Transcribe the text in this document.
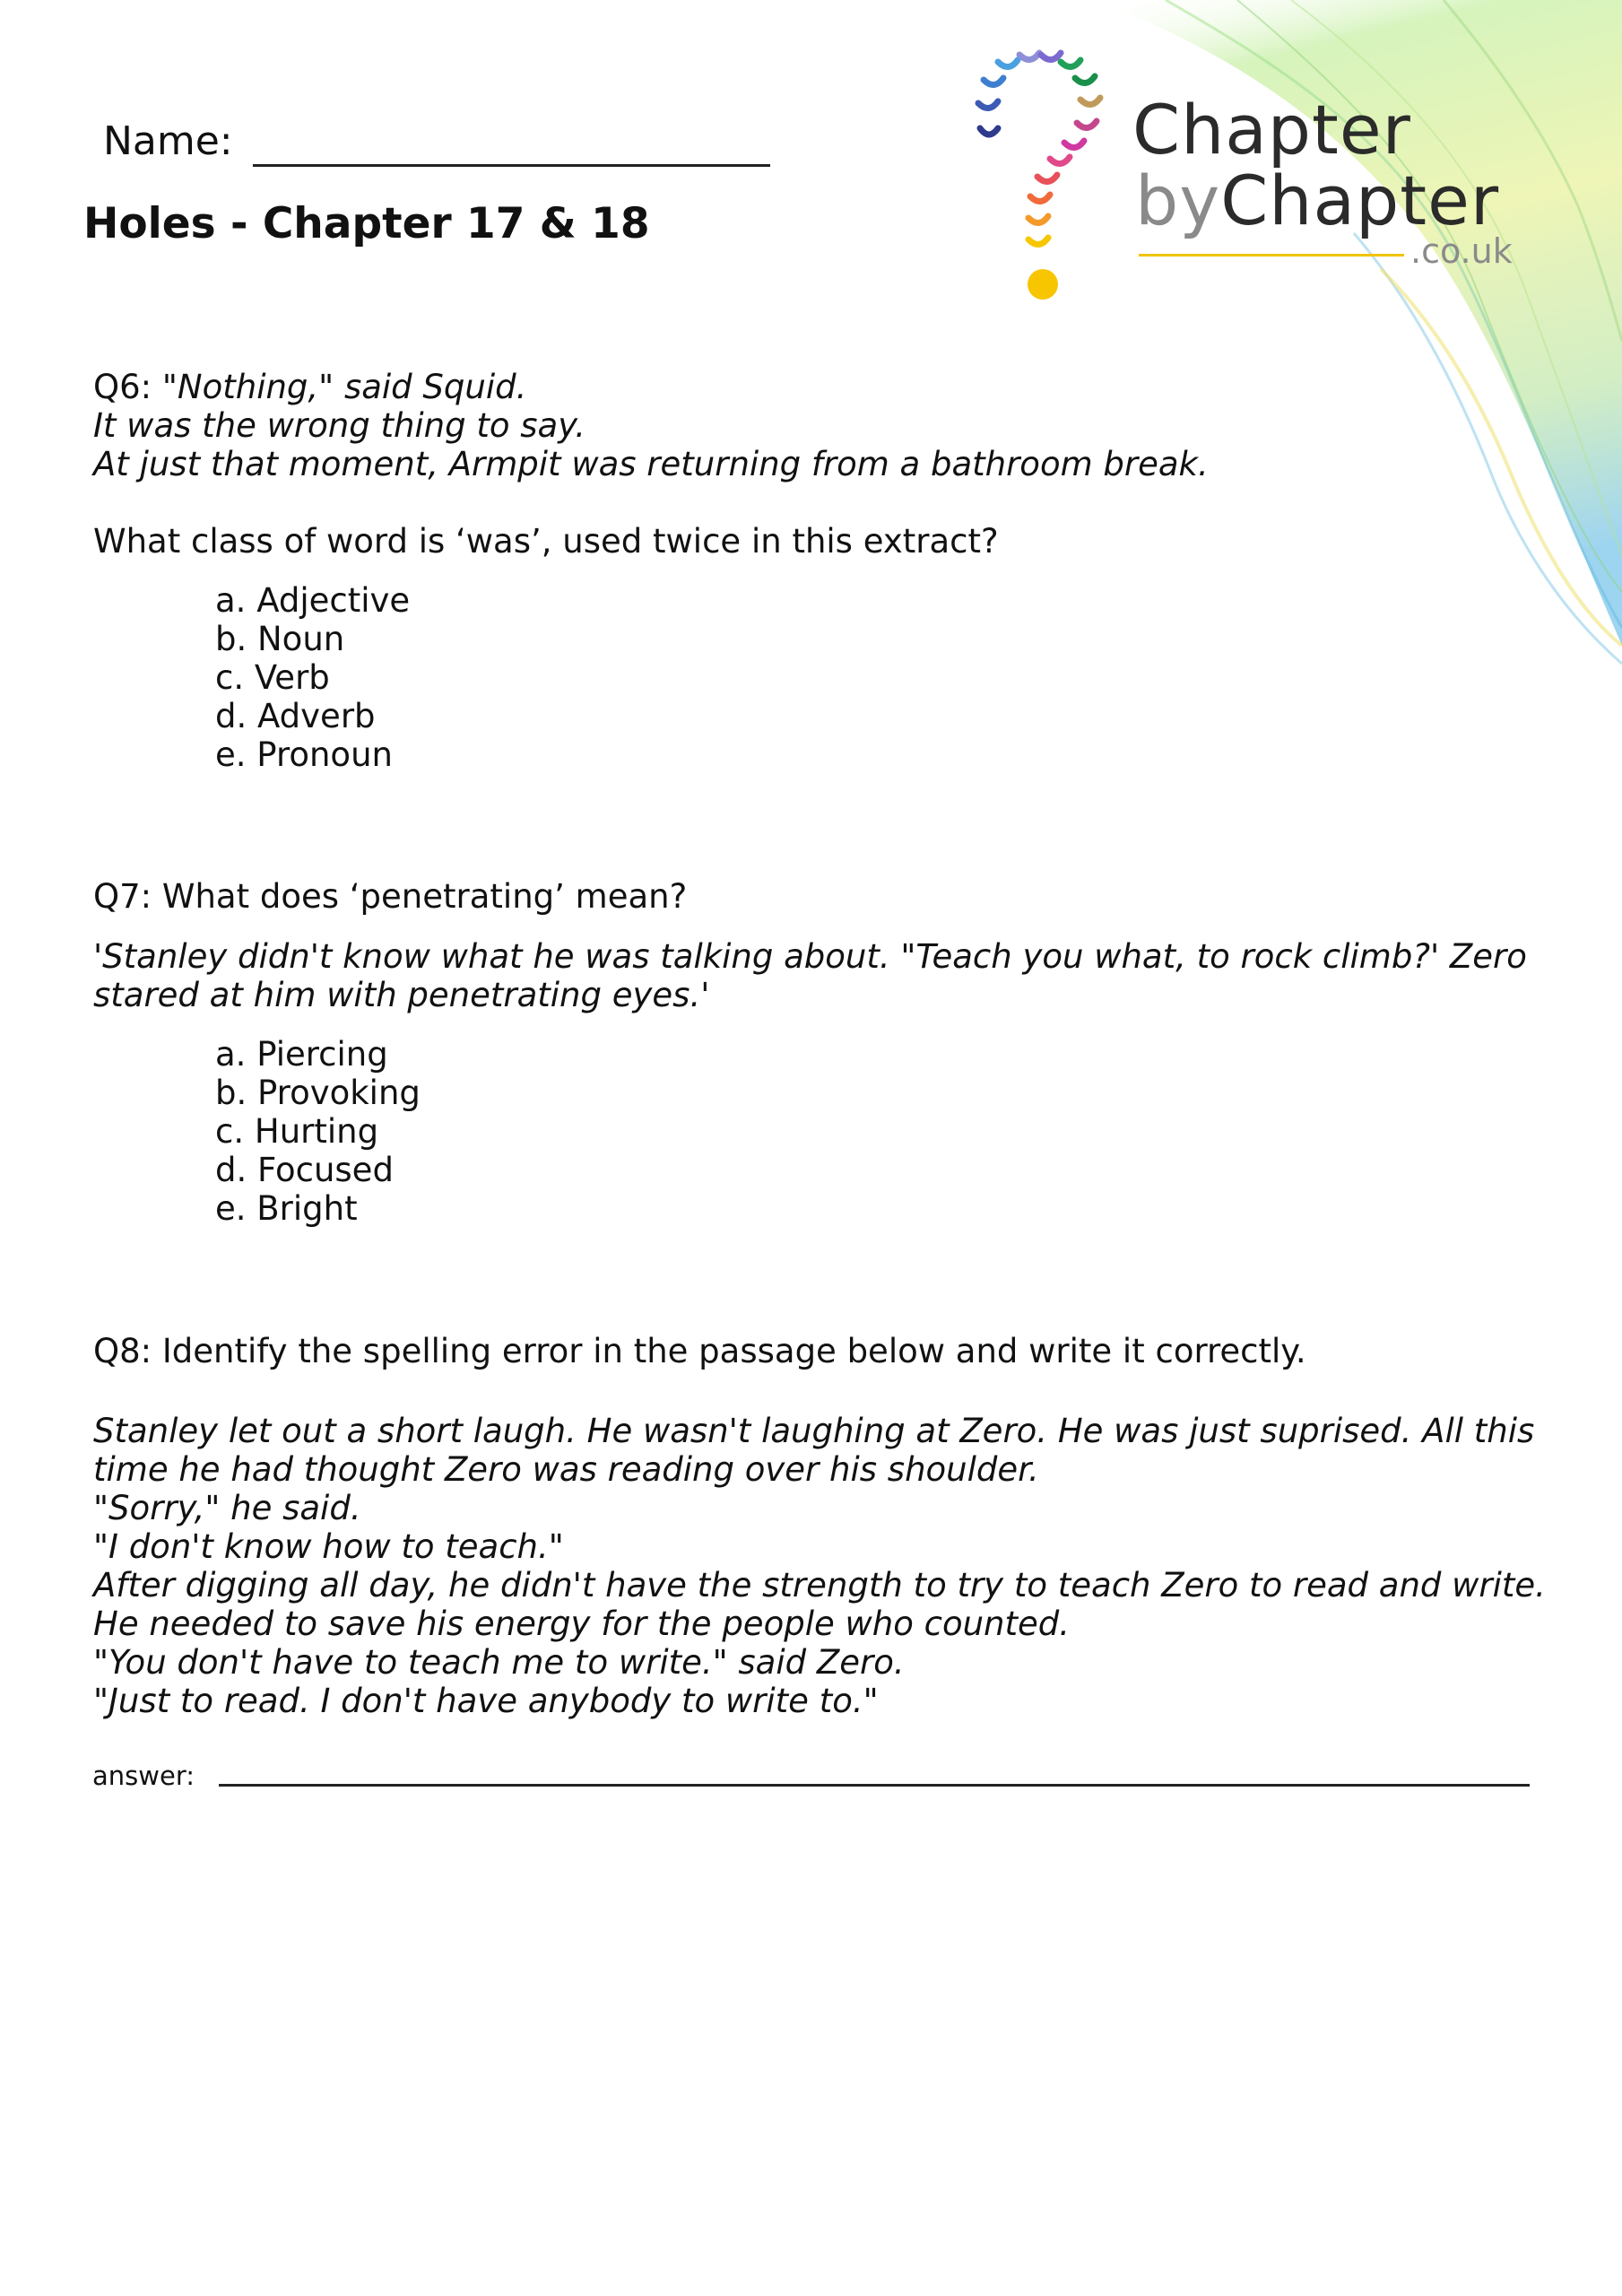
Name:
Holes - Chapter 17 & 18
Chapter
byChapter
.co.uk
Q6: "Nothing," said Squid.
It was the wrong thing to say.
At just that moment, Armpit was returning from a bathroom break.
What class of word is ‘was’, used twice in this extract?
a. Adjective
b. Noun
c. Verb
d. Adverb
e. Pronoun
Q7: What does ‘penetrating’ mean?
'Stanley didn't know what he was talking about. "Teach you what, to rock climb?' Zero
stared at him with penetrating eyes.'
a. Piercing
b. Provoking
c. Hurting
d. Focused
e. Bright
Q8: Identify the spelling error in the passage below and write it correctly.
Stanley let out a short laugh. He wasn't laughing at Zero. He was just suprised. All this
time he had thought Zero was reading over his shoulder.
"Sorry," he said.
"I don't know how to teach."
After digging all day, he didn't have the strength to try to teach Zero to read and write.
He needed to save his energy for the people who counted.
"You don't have to teach me to write." said Zero.
"Just to read. I don't have anybody to write to."
answer:
